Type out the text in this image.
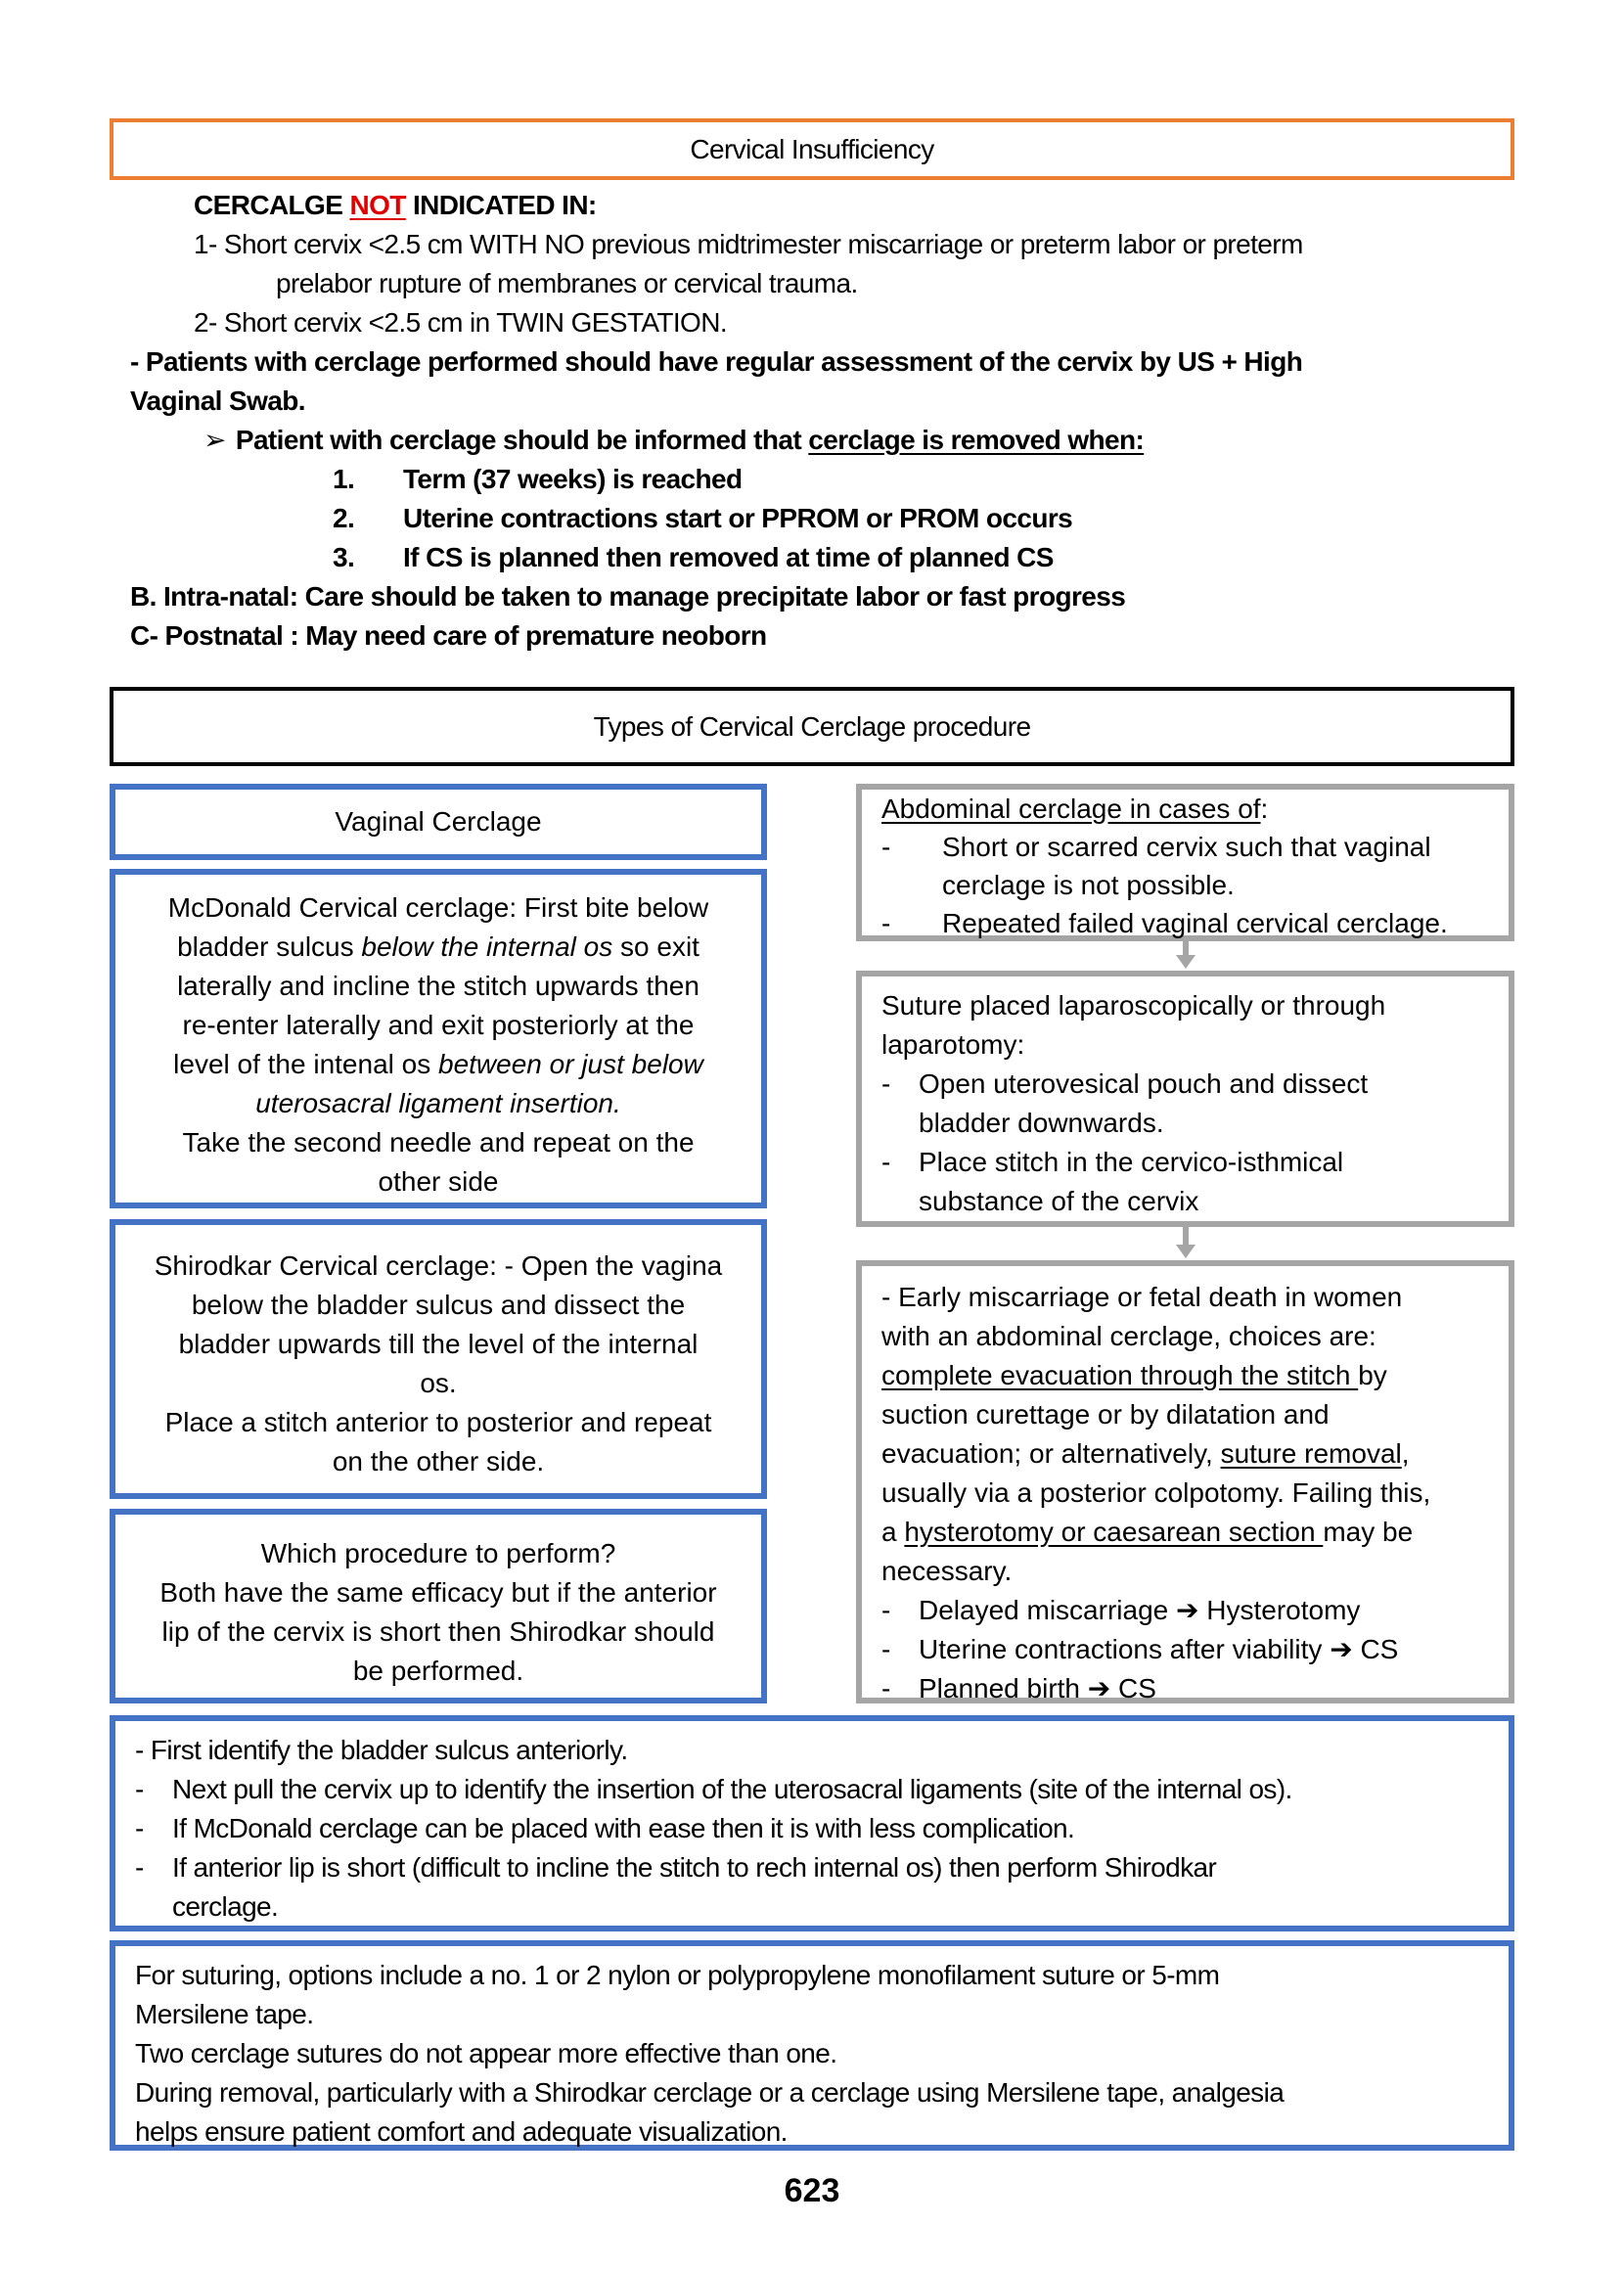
Cervical Insufficiency
CERCALGE NOT INDICATED IN:
1- Short cervix <2.5 cm WITH NO previous midtrimester miscarriage or preterm labor or preterm
prelabor rupture of membranes or cervical trauma.
2- Short cervix <2.5 cm in TWIN GESTATION.
- Patients with cerclage performed should have regular assessment of the cervix by US + High
Vaginal Swab.
➢ Patient with cerclage should be informed that cerclage is removed when:
1.	Term (37 weeks) is reached
2.	Uterine contractions start or PPROM or PROM occurs
3.	If CS is planned then removed at time of planned CS
B. Intra-natal: Care should be taken to manage precipitate labor or fast progress
C- Postnatal : May need care of premature neoborn
Types of Cervical Cerclage procedure
Vaginal Cerclage

McDonald Cervical cerclage: First bite below

bladder sulcus below the internal os so exit

laterally and incline the stitch upwards then

re-enter laterally and exit posteriorly at the

level of the intenal os between or just below

uterosacral ligament insertion.

Take the second needle and repeat on the

other side

Shirodkar Cervical cerclage: - Open the vagina

below the bladder sulcus and dissect the

bladder upwards till the level of the internal

os.

Place a stitch anterior to posterior and repeat

on the other side.

Which procedure to perform?

Both have the same efficacy but if the anterior

lip of the cervix is short then Shirodkar should

be performed.

Abdominal cerclage in cases of:

-	Short or scarred cervix such that vaginal

cerclage is not possible.

-	Repeated failed vaginal cervical cerclage.

Suture placed laparoscopically or through

laparotomy:

-	Open uterovesical pouch and dissect

bladder downwards.

-	Place stitch in the cervico-isthmical

substance of the cervix

- Early miscarriage or fetal death in women

with an abdominal cerclage, choices are:

complete evacuation through the stitch by

suction curettage or by dilatation and

evacuation; or alternatively, suture removal,

usually via a posterior colpotomy. Failing this,

a hysterotomy or caesarean section may be

necessary.

-	Delayed miscarriage
➔
Hysterotomy
-	Uterine contractions after viability
➔
CS
-	Planned birth
➔
CS

- First identify the bladder sulcus anteriorly.

-	Next pull the cervix up to identify the insertion of the uterosacral ligaments (site of the internal os).

-	If McDonald cerclage can be placed with ease then it is with less complication.

-	If anterior lip is short (difficult to incline the stitch to rech internal os) then perform Shirodkar

cerclage.

For suturing, options include a no. 1 or 2 nylon or polypropylene monofilament suture or 5-mm

Mersilene tape.

Two cerclage sutures do not appear more effective than one.

During removal, particularly with a Shirodkar cerclage or a cerclage using Mersilene tape, analgesia

helps ensure patient comfort and adequate visualization.

623
